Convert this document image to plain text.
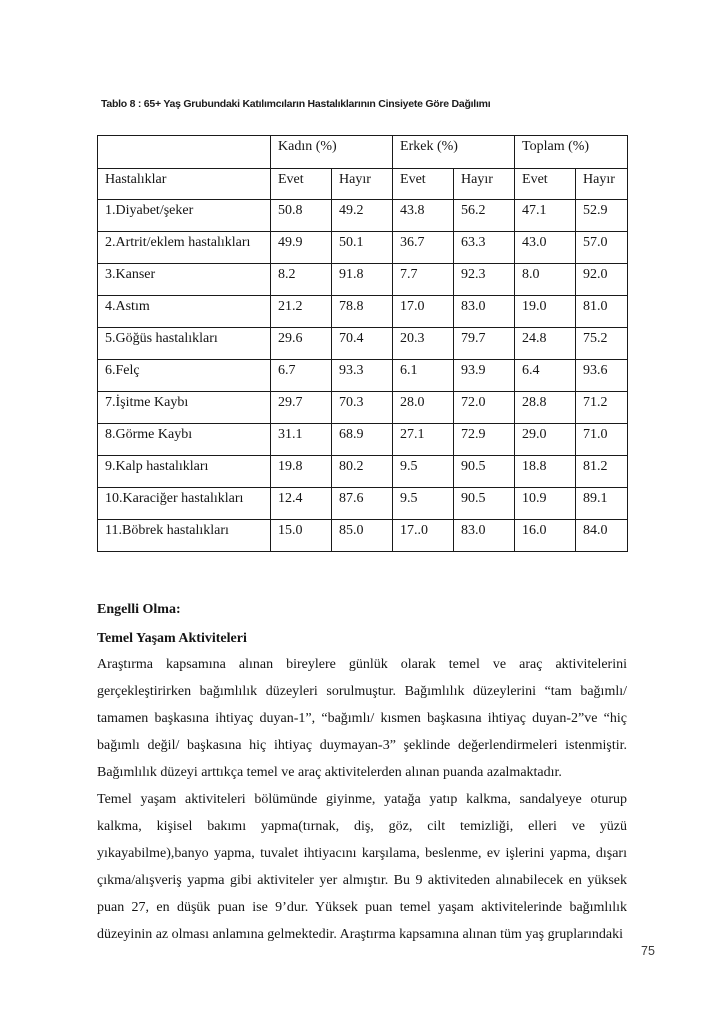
Tablo 8 : 65+ Yaş Grubundaki Katılımcıların Hastalıklarının Cinsiyete Göre Dağılımı
	Kadın (%)		Erkek (%)		Toplam (%)	
Hastalıklar	Evet	Hayır	Evet	Hayır	Evet	Hayır
1.Diyabet/şeker	50.8	49.2	43.8	56.2	47.1	52.9
2.Artrit/eklem hastalıkları	49.9	50.1	36.7	63.3	43.0	57.0
3.Kanser	8.2	91.8	7.7	92.3	8.0	92.0
4.Astım	21.2	78.8	17.0	83.0	19.0	81.0
5.Göğüs hastalıkları	29.6	70.4	20.3	79.7	24.8	75.2
6.Felç	6.7	93.3	6.1	93.9	6.4	93.6
7.İşitme Kaybı	29.7	70.3	28.0	72.0	28.8	71.2
8.Görme Kaybı	31.1	68.9	27.1	72.9	29.0	71.0
9.Kalp hastalıkları	19.8	80.2	9.5	90.5	18.8	81.2
10.Karaciğer hastalıkları	12.4	87.6	9.5	90.5	10.9	89.1
11.Böbrek hastalıkları	15.0	85.0	17..0	83.0	16.0	84.0

Engelli Olma:

Temel Yaşam Aktiviteleri

Araştırma kapsamına alınan bireylere günlük olarak temel ve araç aktivitelerini gerçekleştirirken bağımlılık düzeyleri sorulmuştur. Bağımlılık düzeylerini “tam bağımlı/ tamamen başkasına ihtiyaç duyan-1”, “bağımlı/ kısmen başkasına ihtiyaç duyan-2”ve “hiç bağımlı değil/ başkasına hiç ihtiyaç duymayan-3” şeklinde değerlendirmeleri istenmiştir. Bağımlılık düzeyi arttıkça temel ve araç aktivitelerden alınan puanda azalmaktadır.

Temel yaşam aktiviteleri bölümünde giyinme, yatağa yatıp kalkma, sandalyeye oturup kalkma, kişisel bakımı yapma(tırnak, diş, göz, cilt temizliği, elleri ve yüzü yıkayabilme),banyo yapma, tuvalet ihtiyacını karşılama, beslenme, ev işlerini yapma, dışarı çıkma/alışveriş yapma gibi aktiviteler yer almıştır. Bu 9 aktiviteden alınabilecek en yüksek puan 27, en düşük puan ise 9’dur. Yüksek puan temel yaşam aktivitelerinde bağımlılık düzeyinin az olması anlamına gelmektedir. Araştırma kapsamına alınan tüm yaş gruplarındaki

75
